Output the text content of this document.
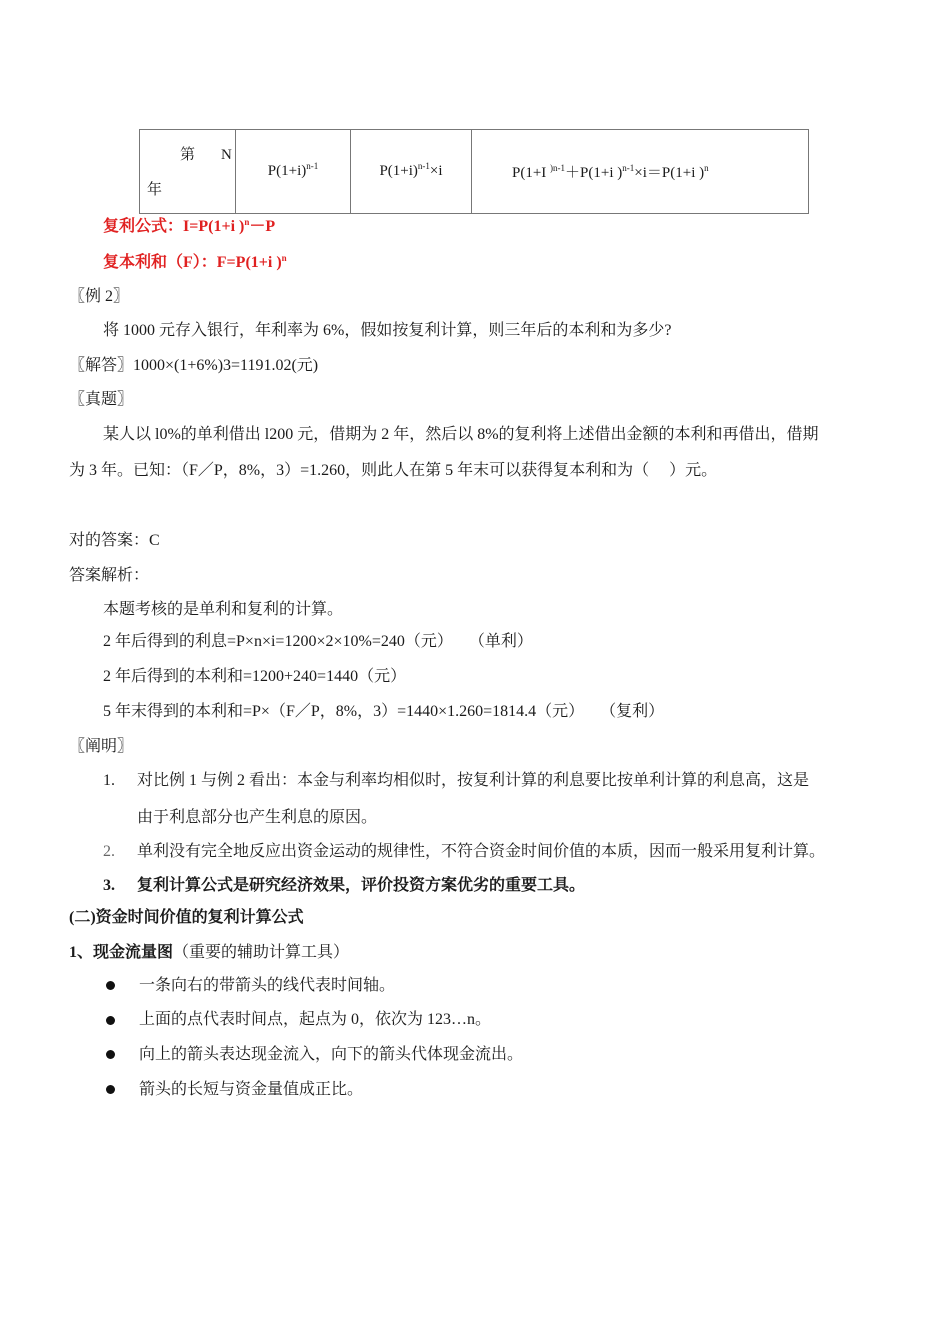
第 N
年
	$P(1+i)^{n-1}$	$P(1+i)^{n-1}\times i$	P(1+I $^{)n-1}$＋P(1+i )$^{n-1}$×i＝P(1+i )$^n$
复利公式：I=P(1+i )$^n$－P
复本利和（F）：F=P(1+i )$^n$
〖例 2〗
将 1000 元存入银行，年利率为 6%，假如按复利计算，则三年后的本利和为多少?
〖解答〗1000×(1+6%)3=1191.02(元)
〖真题〗
某人以 l0%的单利借出 l200 元，借期为 2 年，然后以 8%的复利将上述借出金额的本利和再借出，借期
为 3 年。已知：（F／P，8%，3）=1.260，则此人在第 5 年末可以获得复本利和为（　 ）元。
对的答案：C
答案解析：
本题考核的是单利和复利的计算。
2 年后得到的利息=P×n×i=1200×2×10%=240（元）　　（单利）
2 年后得到的本利和=1200+240=1440（元）
5 年末得到的本利和=P×（F／P，8%，3）=1440×1.260=1814.4（元）　　（复利）
〖阐明〗
1. 对比例 1 与例 2 看出：本金与利率均相似时，按复利计算的利息要比按单利计算的利息高，这是
由于利息部分也产生利息的原因。
2. 单利没有完全地反应出资金运动的规律性，不符合资金时间价值的本质，因而一般采用复利计算。
3. 复利计算公式是研究经济效果，评价投资方案优劣的重要工具。
(二)资金时间价值的复利计算公式
1、现金流量图（重要的辅助计算工具）
一条向右的带箭头的线代表时间轴。
上面的点代表时间点，起点为 0，依次为 123…n。
向上的箭头表达现金流入，向下的箭头代体现金流出。
箭头的长短与资金量值成正比。
